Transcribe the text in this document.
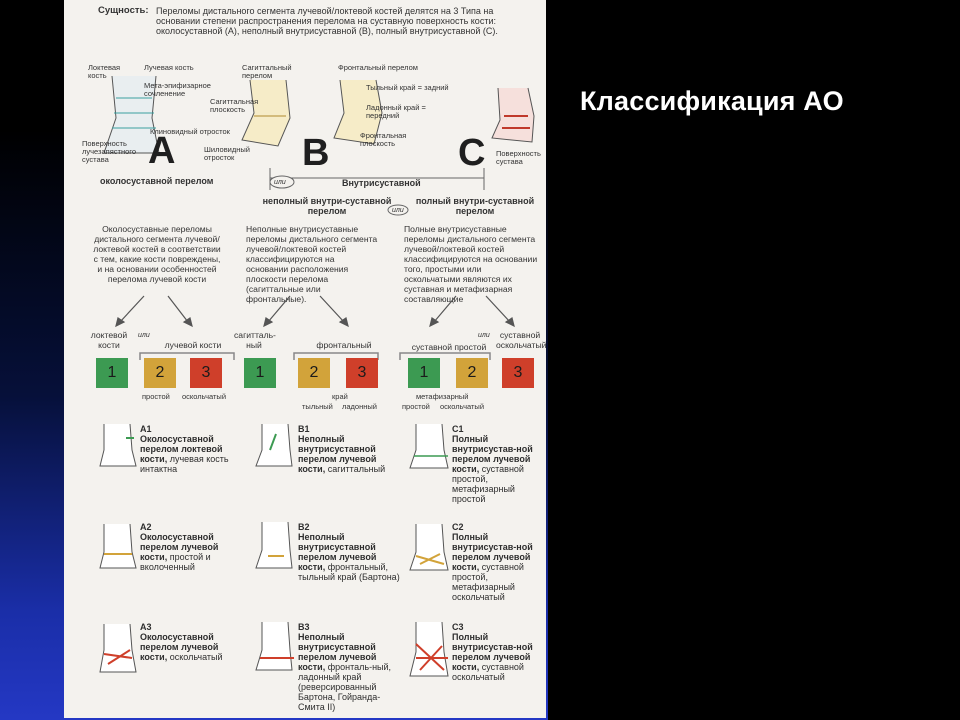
Классификация АО
Сущность: Переломы дистального сегмента лучевой/локтевой костей делятся на 3 Типа на основании степени распространения перелома на суставную поверхность кости: околосуставной (A), неполный внутрисуставной (B), полный внутрисуставной (C).
Локтевая кость
Лучевая кость
Мета-эпифизарное сочленение
Поверхность лучезапястного сустава
Клиновидный отросток
Сагиттальный перелом
Сагиттальная плоскость
Шиловидный отросток
Фронтальный перелом
Тыльный край = задний
Ладонный край = передний
Фронтальная плоскость
Поверхность сустава
A	B	C
околосуставной перелом	или	Внутрисуставной
неполный внутри-суставной перелом	или
полный внутри-суставной перелом
Околосуставные переломы дистального сегмента лучевой/локтевой костей в соответствии с тем, какие кости повреждены, и на основании особенностей перелома лучевой кости
Неполные внутрисуставные переломы дистального сегмента лучевой/локтевой костей классифицируются на основании расположения плоскости перелома (сагиттальные или фронтальные).
Полные внутрисуставные переломы дистального сегмента лучевой/локтевой костей классифицируются на основании того, простыми или оскольчатыми являются их суставная и метафизарная составляющие
локтевой кости
или
лучевой кости
сагитталь-ный	фронтальный	суставной простой
или	суставной оскольчатый
1	2	3	1	2	3	1	2	3
простой оскольчатый
тыльный
край
ладонный
метафизарный
простой оскольчатый
A1
Околосуставной перелом локтевой кости, лучевая кость интактна
B1
Неполный внутрисуставной перелом лучевой кости, сагиттальный
C1
Полный внутрисустав-ной перелом лучевой кости, суставной простой, метафизарный простой
A2
Околосуставной перелом лучевой кости, простой и вколоченный
B2
Неполный внутрисуставной перелом лучевой кости, фронтальный, тыльный край (Бартона)
C2
Полный внутрисустав-ной перелом лучевой кости, суставной простой, метафизарный оскольчатый
A3
Околосуставной перелом лучевой кости, оскольчатый
B3
Неполный внутрисуставной перелом лучевой кости, фронталь-ный, ладонный край (реверсированный Бартона, Гойранда-Смита II)
C3
Полный внутрисустав-ной перелом лучевой кости, суставной оскольчатый
